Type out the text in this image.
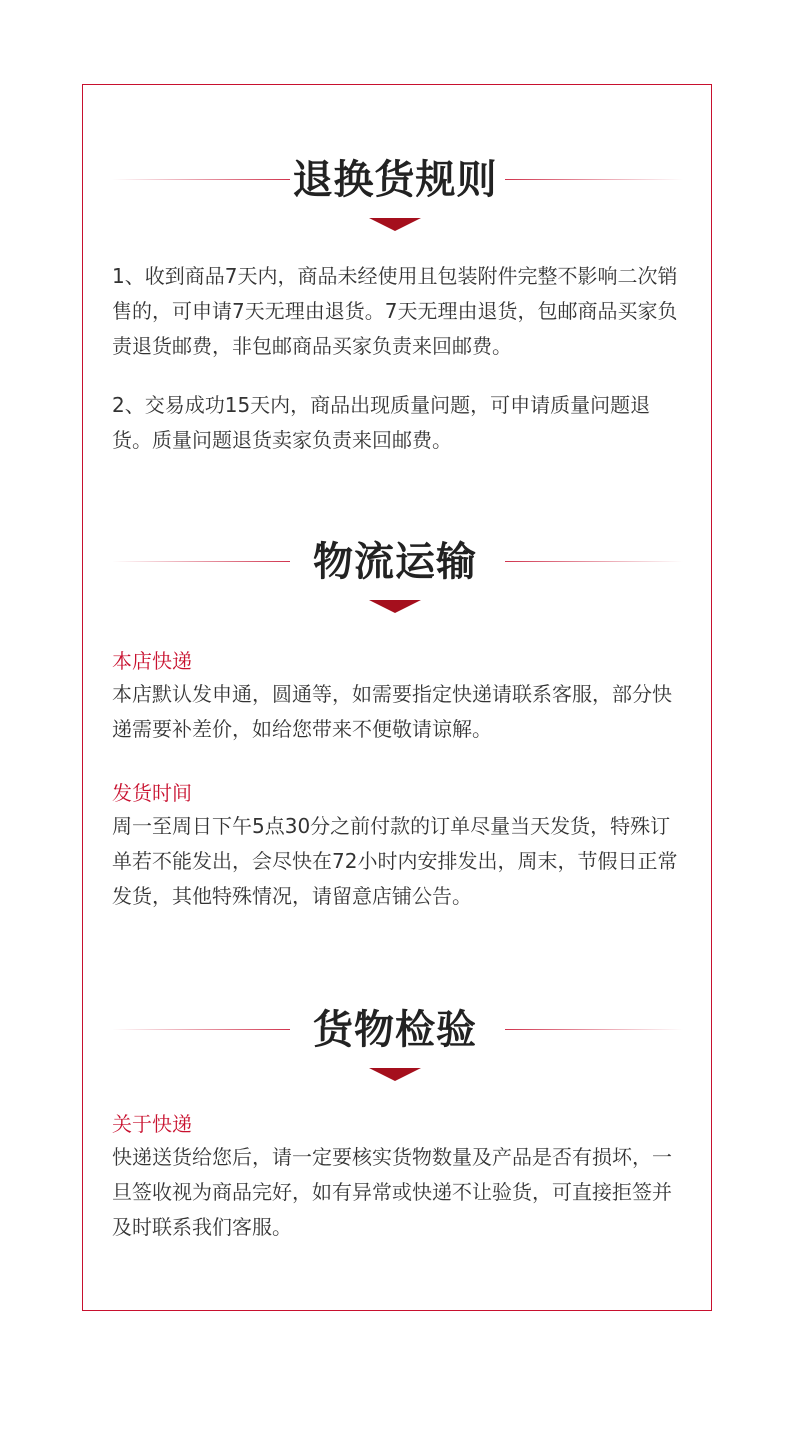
退换货规则

1、收到商品7天内，商品未经使用且包装附件完整不影响二次销售的，可申请7天无理由退货。7天无理由退货，包邮商品买家负责退货邮费，非包邮商品买家负责来回邮费。

2、交易成功15天内，商品出现质量问题，可申请质量问题退货。质量问题退货卖家负责来回邮费。

物流运输

本店快递

本店默认发申通，圆通等，如需要指定快递请联系客服，部分快递需要补差价，如给您带来不便敬请谅解。

发货时间

周一至周日下午5点30分之前付款的订单尽量当天发货，特殊订单若不能发出，会尽快在72小时内安排发出，周末，节假日正常发货，其他特殊情况，请留意店铺公告。

货物检验

关于快递

快递送货给您后，请一定要核实货物数量及产品是否有损坏，一旦签收视为商品完好，如有异常或快递不让验货，可直接拒签并及时联系我们客服。
